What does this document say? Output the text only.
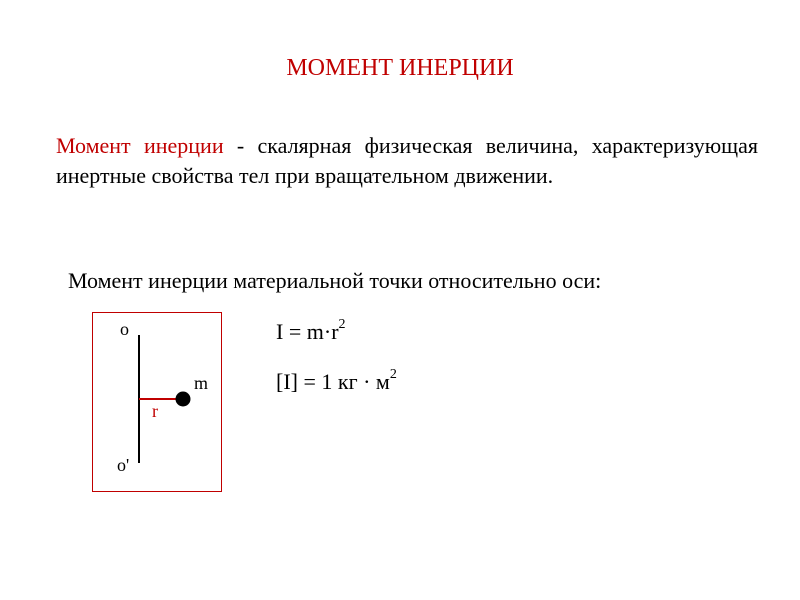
МОМЕНТ ИНЕРЦИИ
Момент инерции - скалярная физическая величина, характеризующая инертные свойства тел при вращательном движении.
Момент инерции материальной точки относительно оси:
о
о'
m
r
$I = m\cdot r^2$
[I] = 1 кг · $м^2$
